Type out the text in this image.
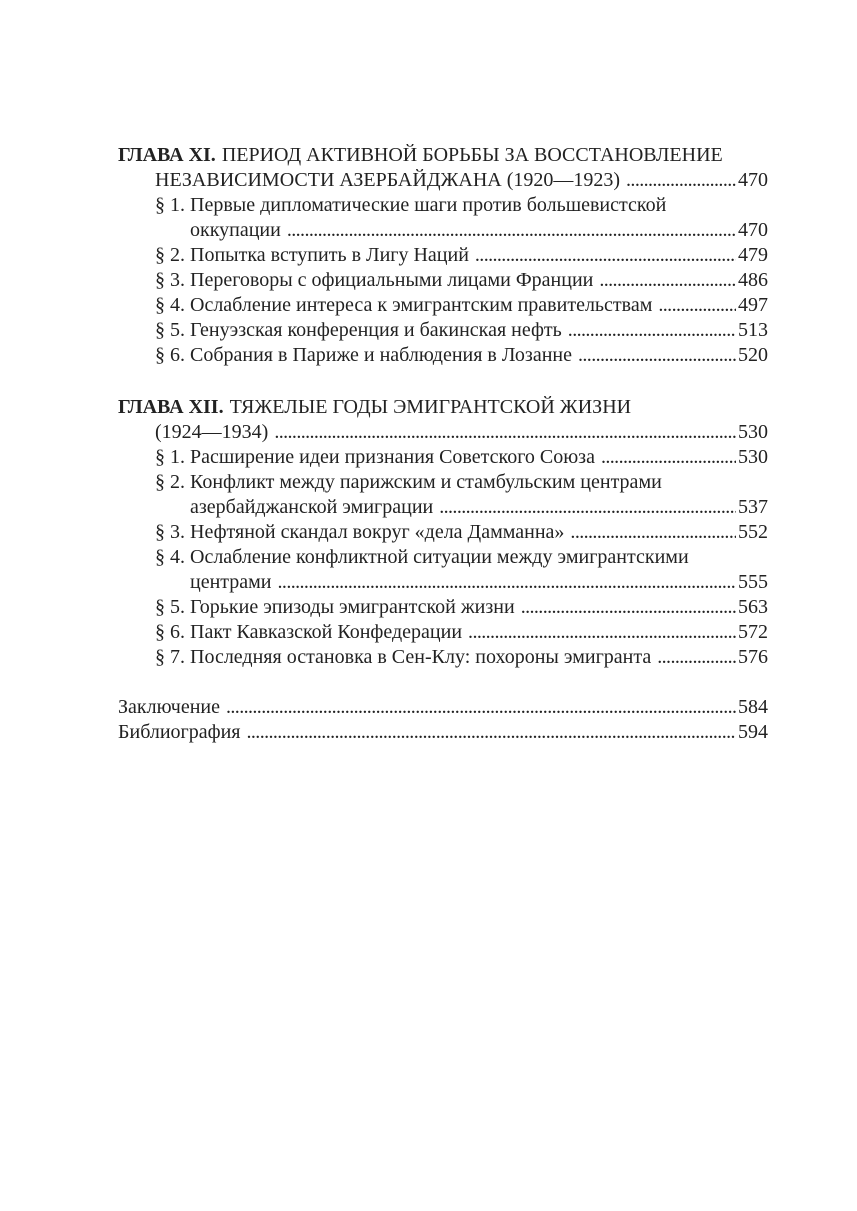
ГЛАВА XI. ПЕРИОД АКТИВНОЙ БОРЬБЫ ЗА ВОССТАНОВЛЕНИЕ
НЕЗАВИСИМОСТИ АЗЕРБАЙДЖАНА (1920—1923) .....	470
§ 1. Первые дипломатические шаги против большевистской
оккупации .....	470
§ 2. Попытка вступить в Лигу Наций .....	479
§ 3. Переговоры с официальными лицами Франции .....	486
§ 4. Ослабление интереса к эмигрантским правительствам .....	497
§ 5. Генуэзская конференция и бакинская нефть .....	513
§ 6. Собрания в Париже и наблюдения в Лозанне .....	520
ГЛАВА XII. ТЯЖЕЛЫЕ ГОДЫ ЭМИГРАНТСКОЙ ЖИЗНИ
(1924—1934) .....	530
§ 1. Расширение идеи признания Советского Союза .....	530
§ 2. Конфликт между парижским и стамбульским центрами
азербайджанской эмиграции .....	537
§ 3. Нефтяной скандал вокруг «дела Дамманна» .....	552
§ 4. Ослабление конфликтной ситуации между эмигрантскими
центрами .....	555
§ 5. Горькие эпизоды эмигрантской жизни .....	563
§ 6. Пакт Кавказской Конфедерации .....	572
§ 7. Последняя остановка в Сен-Клу: похороны эмигранта .....	576
Заключение .....	584
Библиография .....	594
